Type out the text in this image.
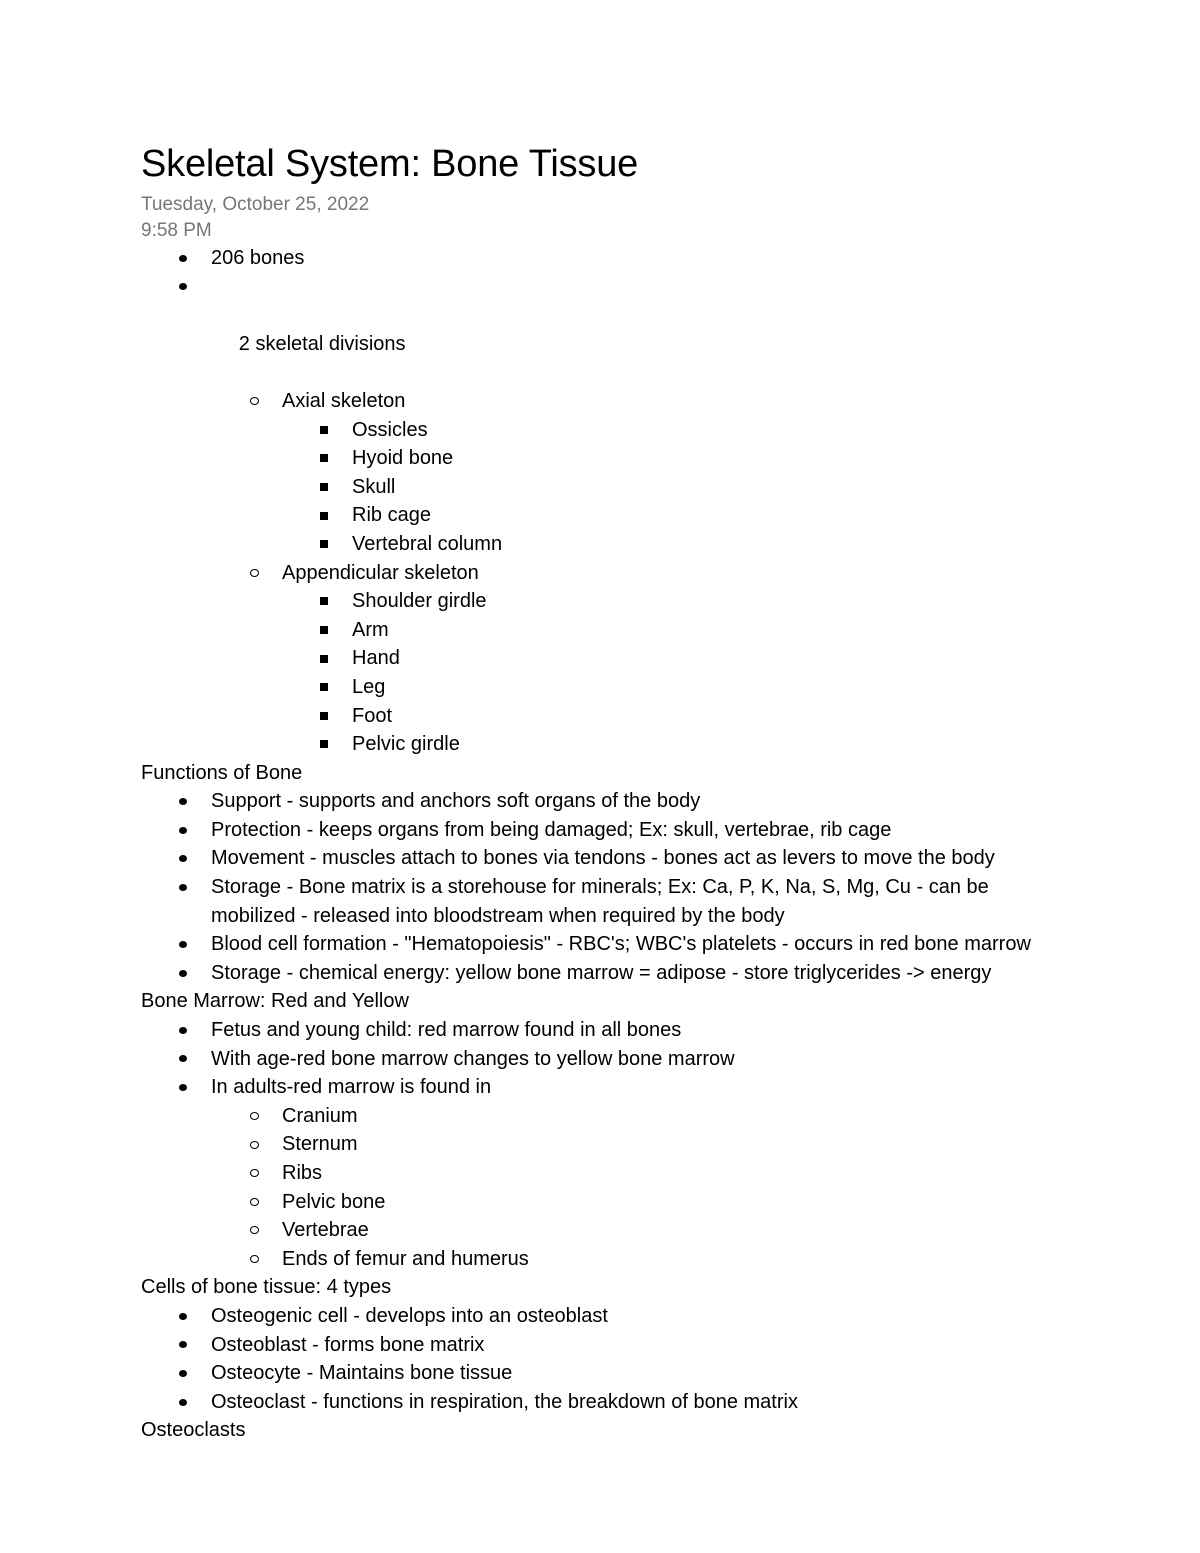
Skeletal System: Bone Tissue
Tuesday, October 25, 2022
9:58 PM
206 bones

2 skeletal divisions

Axial skeleton
Ossicles
Hyoid bone
Skull
Rib cage
Vertebral column
Appendicular skeleton
Shoulder girdle
Arm
Hand
Leg
Foot
Pelvic girdle
Functions of Bone
Support - supports and anchors soft organs of the body
Protection - keeps organs from being damaged; Ex: skull, vertebrae, rib cage
Movement - muscles attach to bones via tendons - bones act as levers to move the body
Storage - Bone matrix is a storehouse for minerals; Ex: Ca, P, K, Na, S, Mg, Cu - can be mobilized - released into bloodstream when required by the body
Blood cell formation - "Hematopoiesis" - RBC's; WBC's platelets - occurs in red bone marrow
Storage - chemical energy: yellow bone marrow = adipose - store triglycerides -> energy
Bone Marrow: Red and Yellow
Fetus and young child: red marrow found in all bones
With age-red bone marrow changes to yellow bone marrow
In adults-red marrow is found in
Cranium
Sternum
Ribs
Pelvic bone
Vertebrae
Ends of femur and humerus
Cells of bone tissue: 4 types
Osteogenic cell - develops into an osteoblast
Osteoblast - forms bone matrix
Osteocyte - Maintains bone tissue
Osteoclast - functions in respiration, the breakdown of bone matrix
Osteoclasts
